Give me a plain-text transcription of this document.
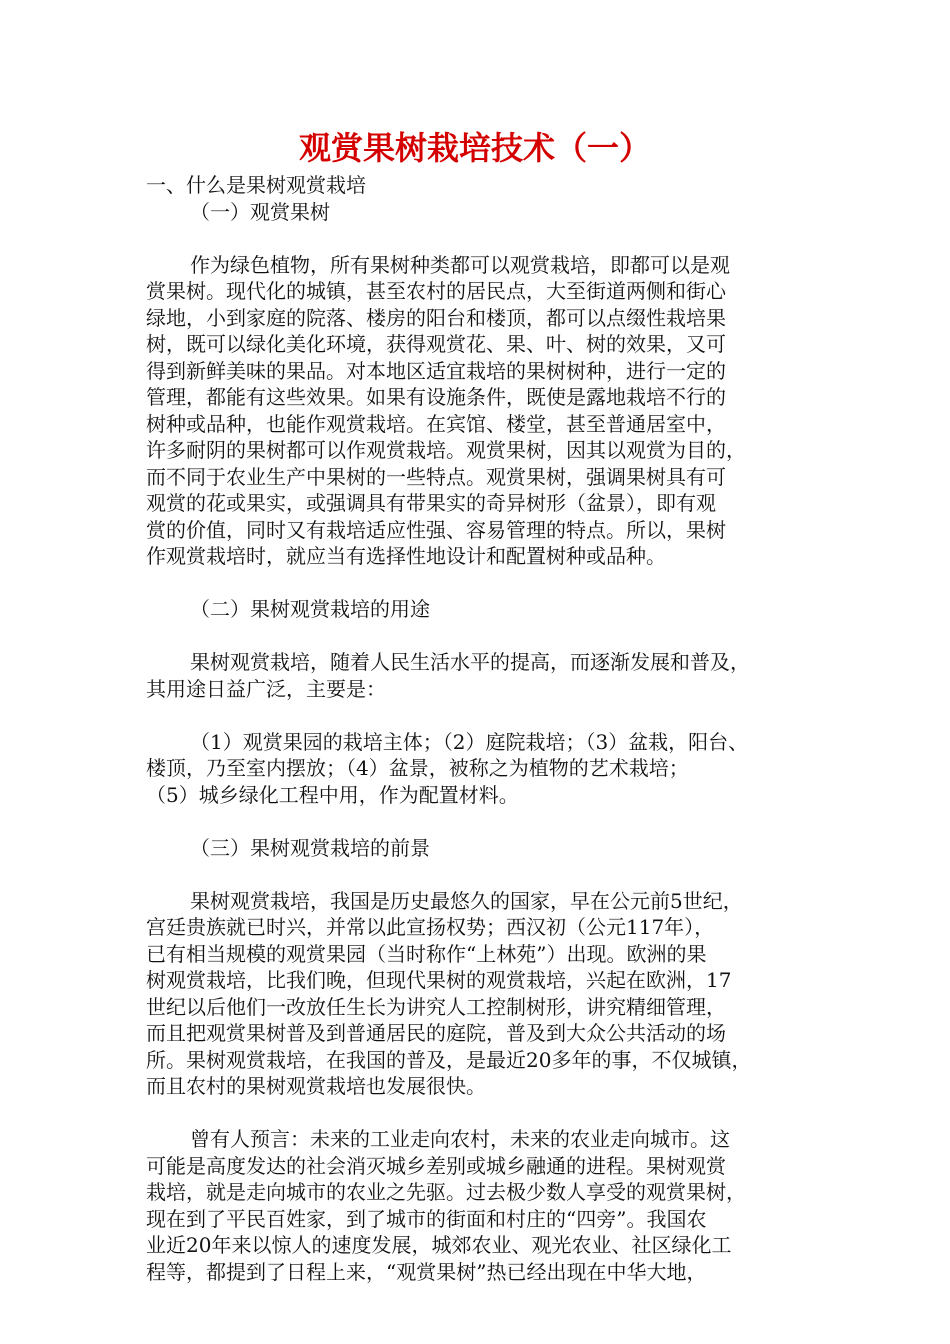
观赏果树栽培技术（一）
一、什么是果树观赏栽培
（一）观赏果树
作为绿色植物，所有果树种类都可以观赏栽培，即都可以是观
赏果树。现代化的城镇，甚至农村的居民点，大至街道两侧和街心
绿地，小到家庭的院落、楼房的阳台和楼顶，都可以点缀性栽培果
树，既可以绿化美化环境，获得观赏花、果、叶、树的效果，又可
得到新鲜美味的果品。对本地区适宜栽培的果树树种，进行一定的
管理，都能有这些效果。如果有设施条件，既使是露地栽培不行的
树种或品种，也能作观赏栽培。在宾馆、楼堂，甚至普通居室中，
许多耐阴的果树都可以作观赏栽培。观赏果树，因其以观赏为目的，
而不同于农业生产中果树的一些特点。观赏果树，强调果树具有可
观赏的花或果实，或强调具有带果实的奇异树形（盆景），即有观
赏的价值，同时又有栽培适应性强、容易管理的特点。所以，果树
作观赏栽培时，就应当有选择性地设计和配置树种或品种。
（二）果树观赏栽培的用途
果树观赏栽培，随着人民生活水平的提高，而逐渐发展和普及，
其用途日益广泛，主要是：
（1）观赏果园的栽培主体；（2）庭院栽培；（3）盆栽，阳台、
楼顶，乃至室内摆放；（4）盆景，被称之为植物的艺术栽培；
（5）城乡绿化工程中用，作为配置材料。
（三）果树观赏栽培的前景
果树观赏栽培，我国是历史最悠久的国家，早在公元前5世纪，
宫廷贵族就已时兴，并常以此宣扬权势；西汉初（公元117年），
已有相当规模的观赏果园（当时称作“上林苑”）出现。欧洲的果
树观赏栽培，比我们晚，但现代果树的观赏栽培，兴起在欧洲，17
世纪以后他们一改放任生长为讲究人工控制树形，讲究精细管理，
而且把观赏果树普及到普通居民的庭院，普及到大众公共活动的场
所。果树观赏栽培，在我国的普及，是最近20多年的事，不仅城镇，
而且农村的果树观赏栽培也发展很快。
曾有人预言：未来的工业走向农村，未来的农业走向城市。这
可能是高度发达的社会消灭城乡差别或城乡融通的进程。果树观赏
栽培，就是走向城市的农业之先驱。过去极少数人享受的观赏果树，
现在到了平民百姓家，到了城市的街面和村庄的“四旁”。我国农
业近20年来以惊人的速度发展，城郊农业、观光农业、社区绿化工
程等，都提到了日程上来，“观赏果树”热已经出现在中华大地，
